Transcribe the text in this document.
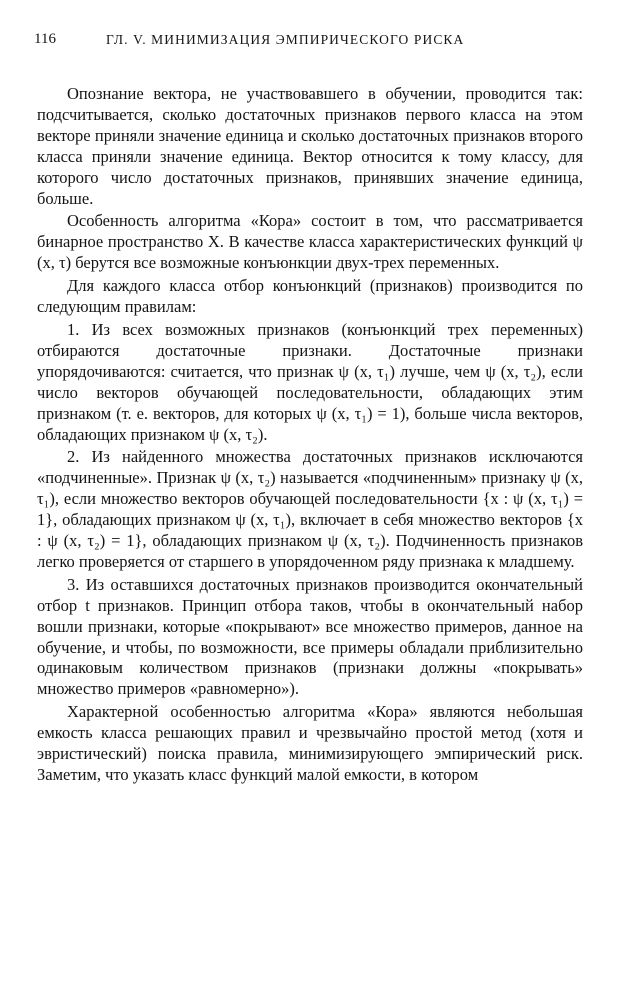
116	ГЛ. V. МИНИМИЗАЦИЯ ЭМПИРИЧЕСКОГО РИСКА

Опознание вектора, не участвовавшего в обучении, проводится так: подсчитывается, сколько достаточных признаков первого класса на этом векторе приняли значение единица и сколько достаточных признаков второго класса приняли значение единица. Вектор относится к тому классу, для которого число достаточных признаков, принявших значение единица, больше.

Особенность алгоритма «Кора» состоит в том, что рассматривается бинарное пространство X. В качестве класса характеристических функций ψ (x, τ) берутся все возможные конъюнкции двух-трех переменных.

Для каждого класса отбор конъюнкций (признаков) производится по следующим правилам:

1. Из всех возможных признаков (конъюнкций трех переменных) отбираются достаточные признаки. Достаточные признаки упорядочиваются: считается, что признак ψ (x, τ₁) лучше, чем ψ (x, τ₂), если число векторов обучающей последовательности, обладающих этим признаком (т. е. векторов, для которых ψ (x, τ₁) = 1), больше числа векторов, обладающих признаком ψ (x, τ₂).

2. Из найденного множества достаточных признаков исключаются «подчиненные». Признак ψ (x, τ₂) называется «подчиненным» признаку ψ (x, τ₁), если множество векторов обучающей последовательности {x : ψ (x, τ₁) = 1}, обладающих признаком ψ (x, τ₁), включает в себя множество векторов {x : ψ (x, τ₂) = 1}, обладающих признаком ψ (x, τ₂). Подчиненность признаков легко проверяется от старшего в упорядоченном ряду признака к младшему.

3. Из оставшихся достаточных признаков производится окончательный отбор t признаков. Принцип отбора таков, чтобы в окончательный набор вошли признаки, которые «покрывают» все множество примеров, данное на обучение, и чтобы, по возможности, все примеры обладали приблизительно одинаковым количеством признаков (признаки должны «покрывать» множество примеров «равномерно»).

Характерной особенностью алгоритма «Кора» являются небольшая емкость класса решающих правил и чрезвычайно простой метод (хотя и эвристический) поиска правила, минимизирующего эмпирический риск. Заметим, что указать класс функций малой емкости, в котором
